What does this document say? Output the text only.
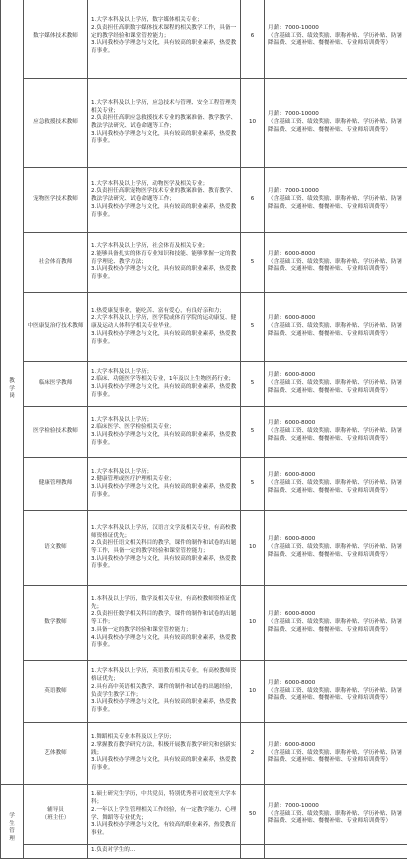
教学岗	数字媒体技术教师	1.大学本科及以上学历，数字媒体相关专业；
2.负责担任高职数字媒体技术课程的相关教学工作，具备一定的教学经验和课堂管控能力；
3.认同我校办学理念与文化，具有较高的职业素养，热爱教育事业。	6	月薪：7000-10000
（含基础工资、绩效奖励、职称补贴、学历补贴、防暑降温费、交通补贴、餐餐补贴、专业师培训费等）
	应急救援技术教师	1.大学本科及以上学历，应急技术与管理、安全工程管理类相关专业；
2.负责担任高职应急救援技术专业的教案准备、教学教学、教法学法研究、试卷命题等工作；
3.认同我校办学理念与文化，具有较高的职业素养，热爱教育事业。	10	月薪：7000-10000
（含基础工资、绩效奖励、职称补贴、学历补贴、防暑降温费、交通补贴、餐餐补贴、专业师培训费等）
	宠物医学技术教师	1.大学本科及以上学历，动物医学及相关专业；
2.负责担任高职宠物医学技术专业的教案准备、教育教学、教法学法研究、试卷命题等工作；
3.认同我校办学理念与文化，具有较高的职业素养，热爱教育事业。	6	月薪：7000-10000
（含基础工资、绩效奖励、职称补贴、学历补贴、防暑降温费、交通补贴、餐餐补贴、专业师培训费等）
	社会体育教师	1.大学本科及以上学历，社会体育及相关专业；
2.能够具备扎实的体育专业知识和技能、能够掌握一定的教育学理论、教学方法；
3.认同我校办学理念与文化，具有较高的职业素养，热爱教育事业。	5	月薪：6000-8000
（含基础工资、绩效奖励、职称补贴、学历补贴、防暑降温费、交通补贴、餐餐补贴、专业师培训费等）
	中医康复治疗技术教师	1.热爱康复事业，能吃苦、富有爱心，有良好亲和力；
2.大学本科及以上学历，医学院或体育学院的运动康复、健康及运动人体科学相关专业毕业。
3.认同我校办学理念与文化，具有较高的职业素养，热爱教育事业。	5	月薪：6000-8000
（含基础工资、绩效奖励、职称补贴、学历补贴、防暑降温费、交通补贴、餐餐补贴、专业师培训费等）
	临床医学教师	1.大学本科及以上学历；
2.临床、功能医学等相关专业，1年及以上生物医药行业；
3.认同我校办学理念与文化，具有较高的职业素养，热爱教育事业。	5	月薪：6000-8000
（含基础工资、绩效奖励、职称补贴、学历补贴、防暑降温费、交通补贴、餐餐补贴、专业师培训费等）
	医学检验技术教师	1.大学本科及以上学历；
2.临床医学、医学检验相关专业；
3.认同我校办学理念与文化，具有较高的职业素养，热爱教育事业。	5	月薪：6000-8000
（含基础工资、绩效奖励、职称补贴、学历补贴、防暑降温费、交通补贴、餐餐补贴、专业师培训费等）
	健康管理教师	1.大学本科及以上学历；
2.健康管理或医疗护理相关专业；
3.认同我校办学理念与文化，具有较高的职业素养，热爱教育事业。	5	月薪：6000-8000
（含基础工资、绩效奖励、职称补贴、学历补贴、防暑降温费、交通补贴、餐餐补贴、专业师培训费等）
	语文教师	1.大学本科及以上学历，汉语言文学及相关专业，有高校教师资格证优先；
2.负责担任语文相关科目的教学，课件的制作和试卷的出题等工作，具备一定的教学经验和课堂管控能力；
3.认同我校办学理念与文化，具有较高的职业素养，热爱教育事业。	10	月薪：6000-8000
（含基础工资、绩效奖励、职称补贴、学历补贴、防暑降温费、交通补贴、餐餐补贴、专业师培训费等）
	数学教师	1.本科及以上学历，数学及相关专业，有高校教师资格证优先；
2.负责担任数学相关科目的教学，课件的制作和试卷的出题等工作；
3.具备一定的教学经验和课堂管控能力；
4.认同我校办学理念与文化，具有较高的职业素养，热爱教育事业。	10	月薪：6000-8000
（含基础工资、绩效奖励、职称补贴、学历补贴、防暑降温费、交通补贴、餐餐补贴、专业师培训费等）
	英语教师	1.大学本科及以上学历，英语教育相关专业，有高校教师资格证优先；
2.具有高中英语相关教学、课件的制作和试卷的出题经验，负责学生教学工作；
3.认同我校办学理念与文化，具有较高的职业素养，热爱教育事业。	10	月薪：6000-8000
（含基础工资、绩效奖励、职称补贴、学历补贴、防暑降温费、交通补贴、餐餐补贴、专业师培训费等）
	艺体教师	1.舞蹈相关专业本科及以上学历；
2.掌握教育教学研究方法，积极开展教育教学研究和创新实践；
3.认同我校办学理念与文化，具有较高的职业素养，热爱教育事业。	2	月薪：6000-8000
（含基础工资、绩效奖励、职称补贴、学历补贴、防暑降温费、交通补贴、餐餐补贴、专业师培训费等）
学生管理	辅导员
（班主任）	1.硕士研究生学历，中共党员，特别优秀者可放宽至大学本科；
2.一年以上学生管理相关工作经验，有一定教学能力、心理学、舞蹈等专业优先；
3.认同我校办学理念与文化，有较高的职业素养，热爱教育事业。	50	月薪：7000-10000
（含基础工资、绩效奖励、职称补贴、学历补贴、防暑降温费、交通补贴、餐餐补贴、专业师培训费等）
		1.负责对学生的…		
